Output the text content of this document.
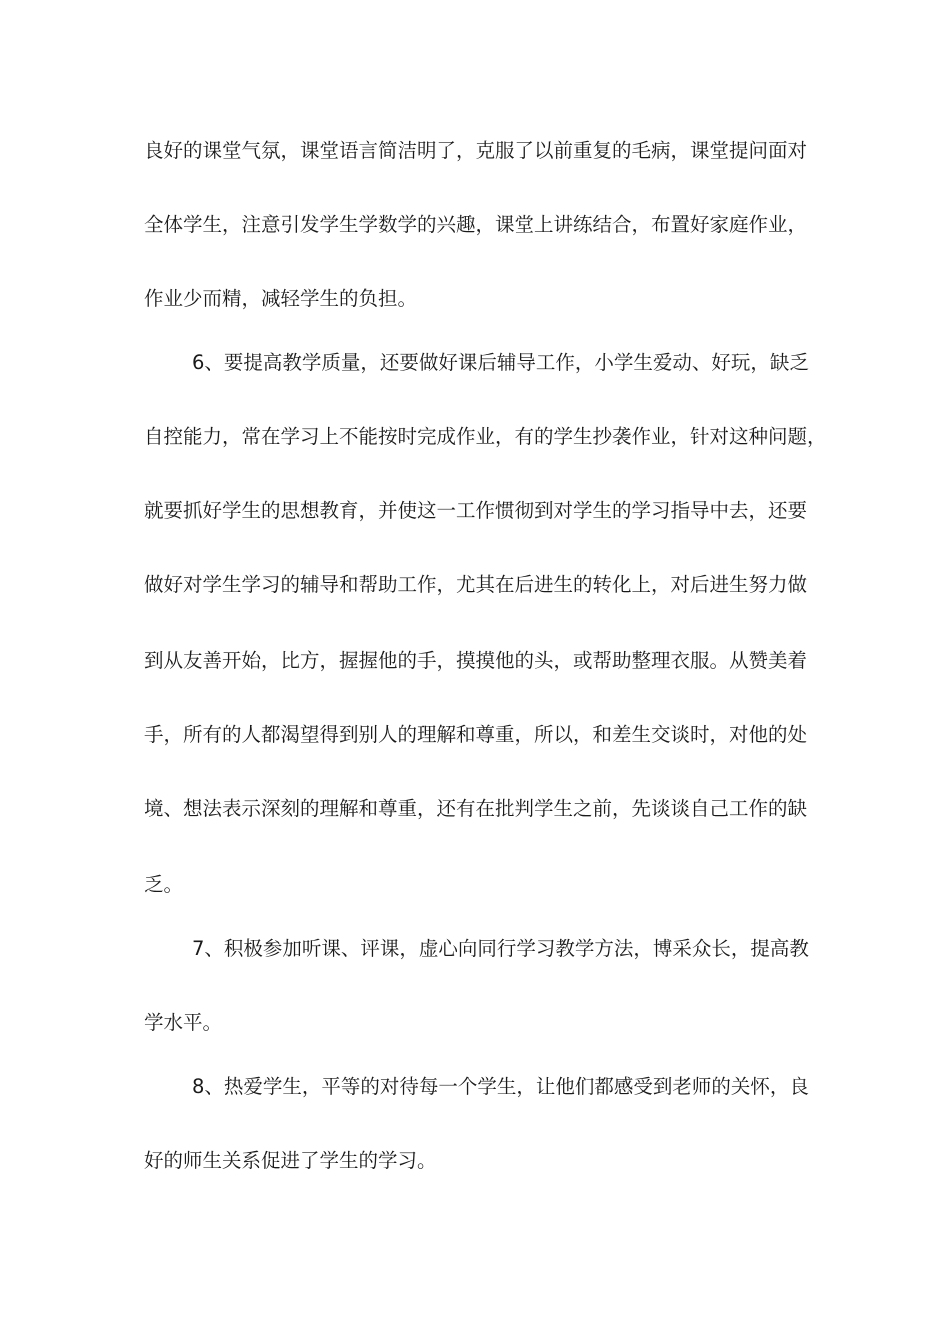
良好的课堂气氛，课堂语言简洁明了，克服了以前重复的毛病，课堂提问面对
全体学生，注意引发学生学数学的兴趣，课堂上讲练结合，布置好家庭作业，
作业少而精，减轻学生的负担。
6、要提高教学质量，还要做好课后辅导工作，小学生爱动、好玩，缺乏
自控能力，常在学习上不能按时完成作业，有的学生抄袭作业，针对这种问题，
就要抓好学生的思想教育，并使这一工作惯彻到对学生的学习指导中去，还要
做好对学生学习的辅导和帮助工作，尤其在后进生的转化上，对后进生努力做
到从友善开始，比方，握握他的手，摸摸他的头，或帮助整理衣服。从赞美着
手，所有的人都渴望得到别人的理解和尊重，所以，和差生交谈时，对他的处
境、想法表示深刻的理解和尊重，还有在批判学生之前，先谈谈自己工作的缺
乏。
7、积极参加听课、评课，虚心向同行学习教学方法，博采众长，提高教
学水平。
8、热爱学生，平等的对待每一个学生，让他们都感受到老师的关怀，良
好的师生关系促进了学生的学习。
